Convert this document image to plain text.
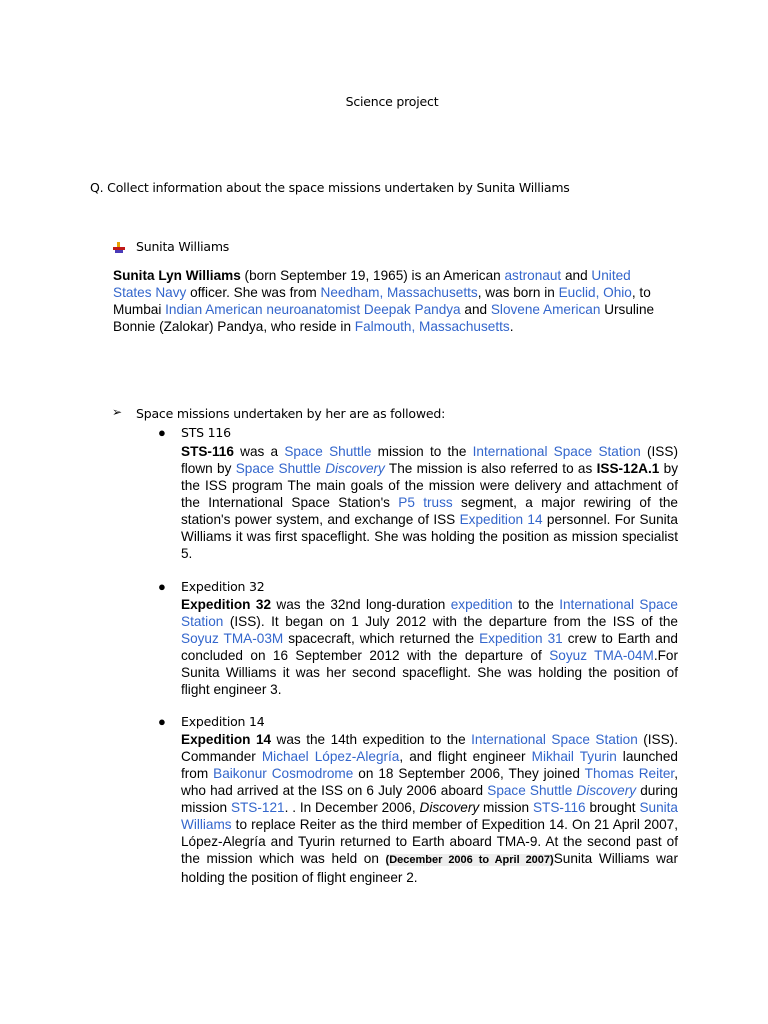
Science project
Q. Collect information about the space missions undertaken by Sunita Williams
Sunita Williams
Sunita Lyn Williams (born September 19, 1965) is an American astronaut and United States Navy officer. She was from Needham, Massachusetts, was born in Euclid, Ohio, to Mumbai Indian American neuroanatomist Deepak Pandya and Slovene American Ursuline Bonnie (Zalokar) Pandya, who reside in Falmouth, Massachusetts.
➢ Space missions undertaken by her are as followed:
● STS 116
STS-116 was a Space Shuttle mission to the International Space Station (ISS) flown by Space Shuttle Discovery The mission is also referred to as ISS-12A.1 by the ISS program The main goals of the mission were delivery and attachment of the International Space Station's P5 truss segment, a major rewiring of the station's power system, and exchange of ISS Expedition 14 personnel. For Sunita Williams it was first spaceflight. She was holding the position as mission specialist 5.
● Expedition 32
Expedition 32 was the 32nd long-duration expedition to the International Space Station (ISS). It began on 1 July 2012 with the departure from the ISS of the Soyuz TMA-03M spacecraft, which returned the Expedition 31 crew to Earth and concluded on 16 September 2012 with the departure of Soyuz TMA-04M.For Sunita Williams it was her second spaceflight. She was holding the position of flight engineer 3.
● Expedition 14
Expedition 14 was the 14th expedition to the International Space Station (ISS). Commander Michael López-Alegría, and flight engineer Mikhail Tyurin launched from Baikonur Cosmodrome on 18 September 2006, They joined Thomas Reiter, who had arrived at the ISS on 6 July 2006 aboard Space Shuttle Discovery during mission STS-121. . In December 2006, Discovery mission STS-116 brought Sunita Williams to replace Reiter as the third member of Expedition 14. On 21 April 2007, López-Alegría and Tyurin returned to Earth aboard TMA-9. At the second past of the mission which was held on (December 2006 to April 2007)Sunita Williams war holding the position of flight engineer 2.
